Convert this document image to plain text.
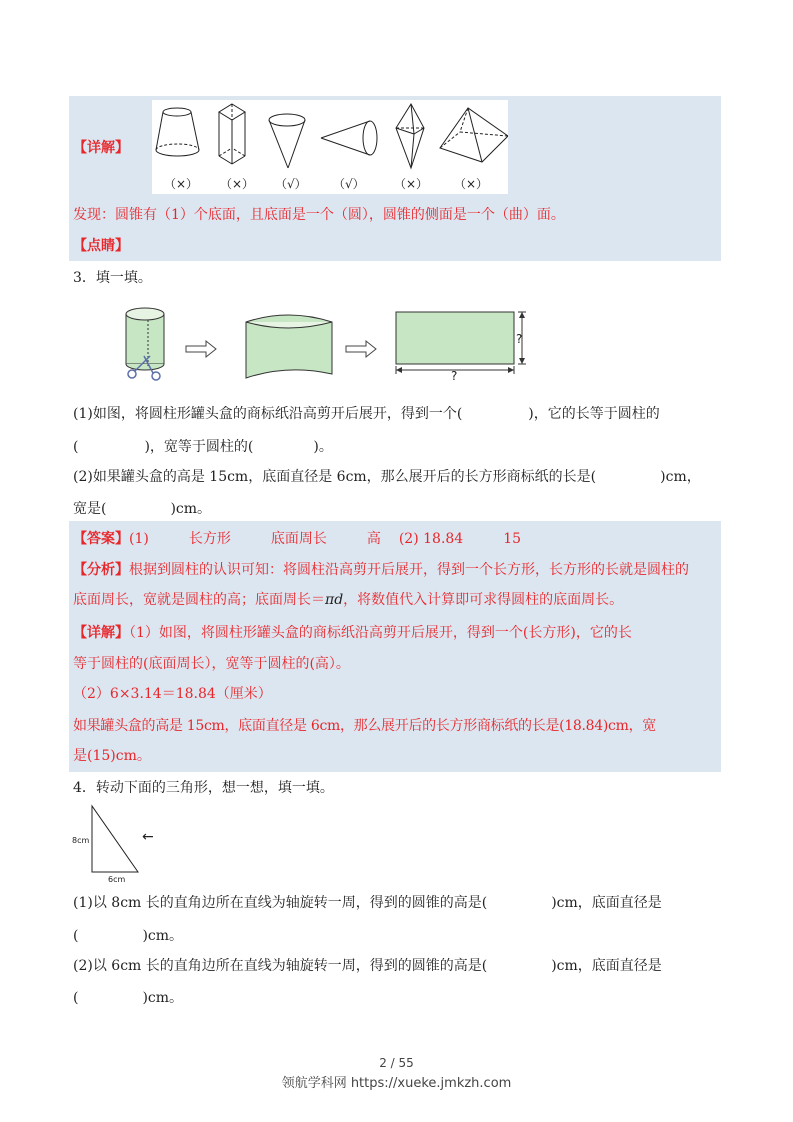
【详解】
（×） （×） （√） （√） （×） （×）
发现：圆锥有（1）个底面，且底面是一个（圆），圆锥的侧面是一个（曲）面。
【点睛】
3．填一填。
?
?
(1)如图，将圆柱形罐头盒的商标纸沿高剪开后展开，得到一个(	)，它的长等于圆柱的
(	)，宽等于圆柱的(	)。
(2)如果罐头盒的高是 15cm，底面直径是 6cm，那么展开后的长方形商标纸的长是(	)cm，
宽是(	)cm。
【答案】(1)	长方形	底面周长	高 (2) 18.84	15
【分析】根据到圆柱的认识可知：将圆柱沿高剪开后展开，得到一个长方形，长方形的长就是圆柱的
底面周长，宽就是圆柱的高；底面周长＝πd，将数值代入计算即可求得圆柱的底面周长。
【详解】（1）如图，将圆柱形罐头盒的商标纸沿高剪开后展开，得到一个(长方形)，它的长
等于圆柱的(底面周长），宽等于圆柱的(高）。
（2）6×3.14＝18.84（厘米）
如果罐头盒的高是 15cm，底面直径是 6cm，那么展开后的长方形商标纸的长是(18.84)cm，宽
是(15)cm。
4．转动下面的三角形，想一想，填一填。
8cm
6cm
←
(1)以 8cm 长的直角边所在直线为轴旋转一周，得到的圆锥的高是(	)cm，底面直径是
(	)cm。
(2)以 6cm 长的直角边所在直线为轴旋转一周，得到的圆锥的高是(	)cm，底面直径是
(	)cm。
2 / 55
领航学科网 https://xueke.jmkzh.com
